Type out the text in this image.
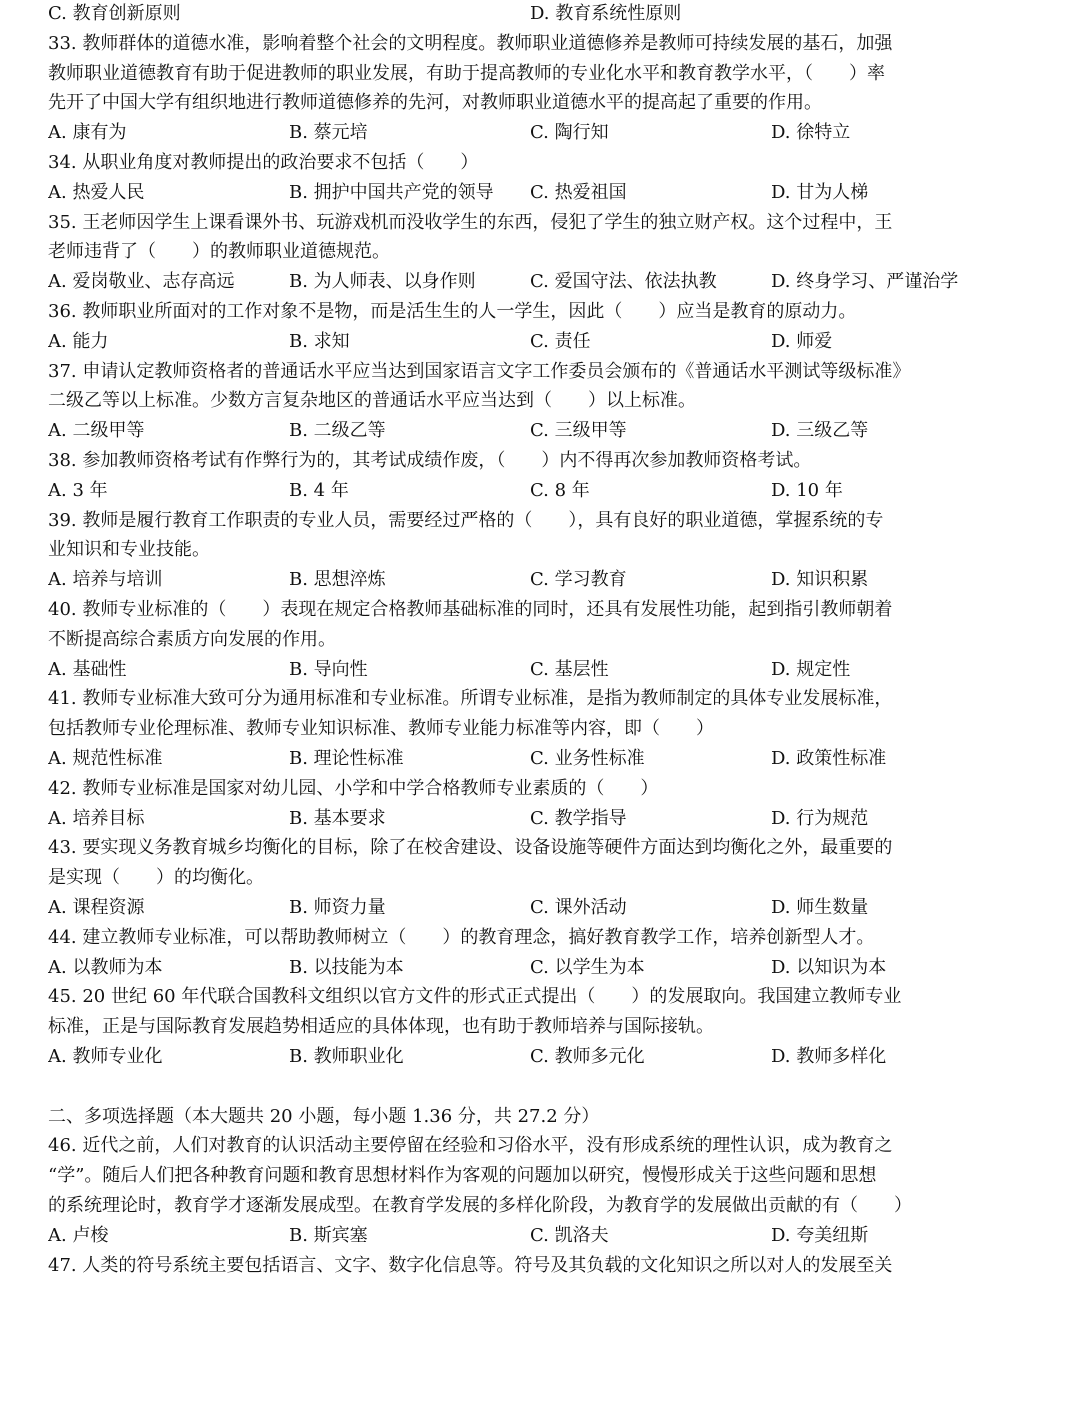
C. 教育创新原则	D. 教育系统性原则
33. 教师群体的道德水准，影响着整个社会的文明程度。教师职业道德修养是教师可持续发展的基石，加强
教师职业道德教育有助于促进教师的职业发展，有助于提高教师的专业化水平和教育教学水平，（　　）率
先开了中国大学有组织地进行教师道德修养的先河，对教师职业道德水平的提高起了重要的作用。
A. 康有为	B. 蔡元培	C. 陶行知	D. 徐特立
34. 从职业角度对教师提出的政治要求不包括（　　）
A. 热爱人民	B. 拥护中国共产党的领导 C. 热爱祖国	D. 甘为人梯
35. 王老师因学生上课看课外书、玩游戏机而没收学生的东西，侵犯了学生的独立财产权。这个过程中，王
老师违背了（　　）的教师职业道德规范。
A. 爱岗敬业、志存高远	B. 为人师表、以身作则	C. 爱国守法、依法执教	D. 终身学习、严谨治学
36. 教师职业所面对的工作对象不是物，而是活生生的人一学生，因此（　　）应当是教育的原动力。
A. 能力	B. 求知	C. 责任	D. 师爱
37. 申请认定教师资格者的普通话水平应当达到国家语言文字工作委员会颁布的《普通话水平测试等级标准》
二级乙等以上标准。少数方言复杂地区的普通话水平应当达到（　　）以上标准。
A. 二级甲等	B. 二级乙等	C. 三级甲等	D. 三级乙等
38. 参加教师资格考试有作弊行为的，其考试成绩作废，（　　）内不得再次参加教师资格考试。
A. 3 年	B. 4 年	C. 8 年	D. 10 年
39. 教师是履行教育工作职责的专业人员，需要经过严格的（　　），具有良好的职业道德，掌握系统的专
业知识和专业技能。
A. 培养与培训	B. 思想淬炼	C. 学习教育	D. 知识积累
40. 教师专业标准的（　　）表现在规定合格教师基础标准的同时，还具有发展性功能，起到指引教师朝着
不断提高综合素质方向发展的作用。
A. 基础性	B. 导向性	C. 基层性	D. 规定性
41. 教师专业标准大致可分为通用标准和专业标准。所谓专业标准，是指为教师制定的具体专业发展标准，
包括教师专业伦理标准、教师专业知识标准、教师专业能力标准等内容，即（　　）
A. 规范性标准	B. 理论性标准	C. 业务性标准	D. 政策性标准
42. 教师专业标准是国家对幼儿园、小学和中学合格教师专业素质的（　　）
A. 培养目标	B. 基本要求	C. 教学指导	D. 行为规范
43. 要实现义务教育城乡均衡化的目标，除了在校舍建设、设备设施等硬件方面达到均衡化之外，最重要的
是实现（　　）的均衡化。
A. 课程资源	B. 师资力量	C. 课外活动	D. 师生数量
44. 建立教师专业标准，可以帮助教师树立（　　）的教育理念，搞好教育教学工作，培养创新型人才。
A. 以教师为本	B. 以技能为本	C. 以学生为本	D. 以知识为本
45. 20 世纪 60 年代联合国教科文组织以官方文件的形式正式提出（　　）的发展取向。我国建立教师专业
标准，正是与国际教育发展趋势相适应的具体体现，也有助于教师培养与国际接轨。
A. 教师专业化	B. 教师职业化	C. 教师多元化	D. 教师多样化
二、多项选择题（本大题共 20 小题，每小题 1.36 分，共 27.2 分）
46. 近代之前，人们对教育的认识活动主要停留在经验和习俗水平，没有形成系统的理性认识，成为教育之
“学”。随后人们把各种教育问题和教育思想材料作为客观的问题加以研究，慢慢形成关于这些问题和思想
的系统理论时，教育学才逐渐发展成型。在教育学发展的多样化阶段，为教育学的发展做出贡献的有（　　）
A. 卢梭	B. 斯宾塞	C. 凯洛夫	D. 夸美纽斯
47. 人类的符号系统主要包括语言、文字、数字化信息等。符号及其负载的文化知识之所以对人的发展至关
